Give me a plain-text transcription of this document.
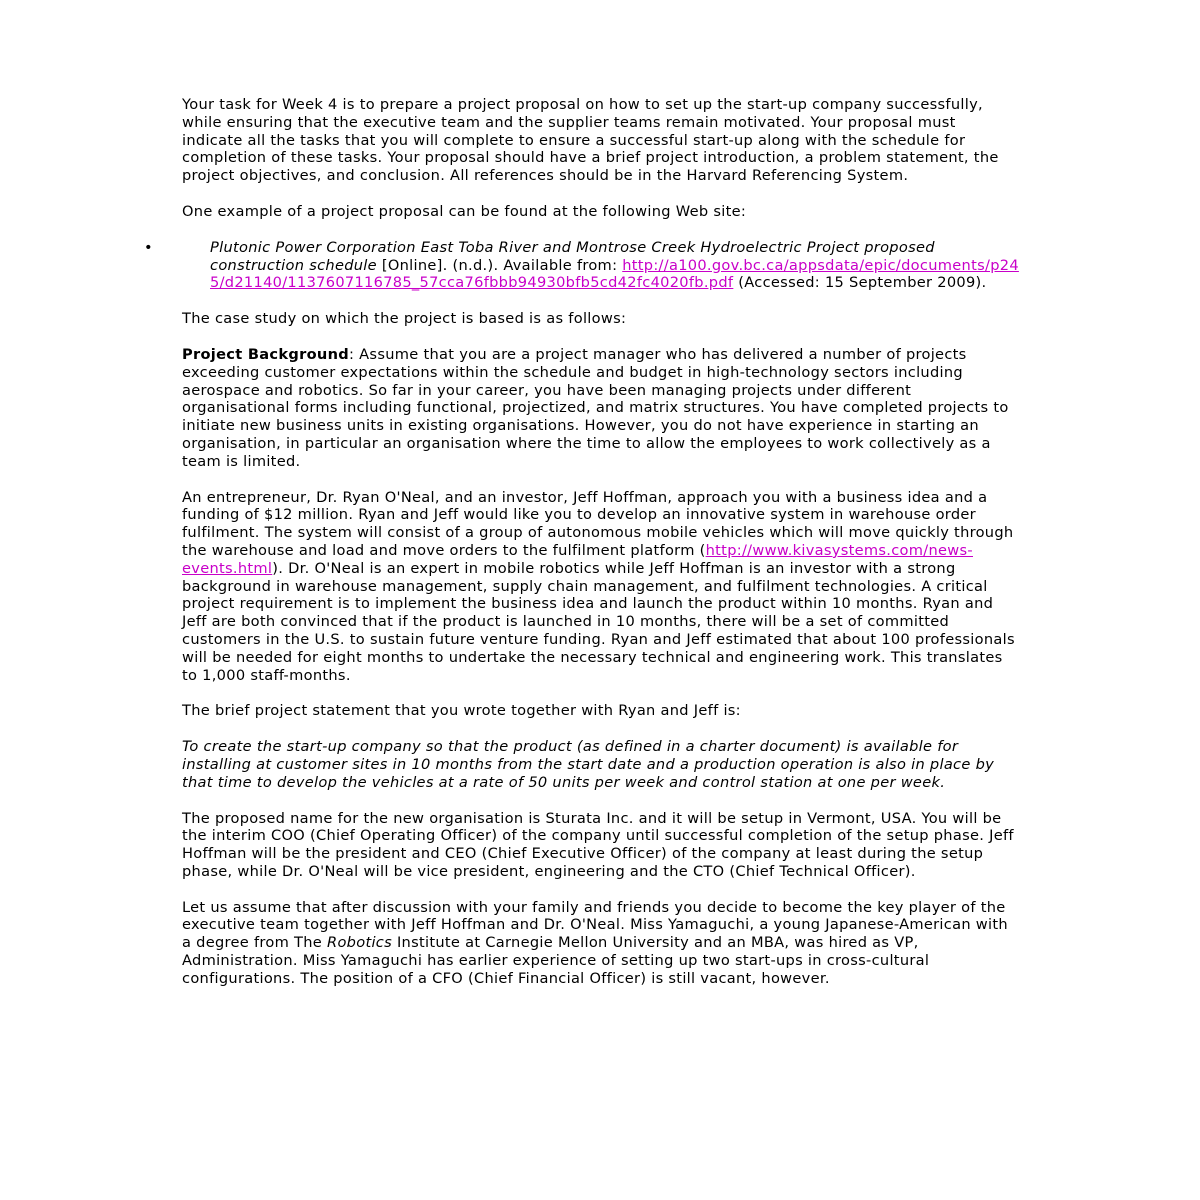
Your task for Week 4 is to prepare a project proposal on how to set up the start-up company successfully, while ensuring that the executive team and the supplier teams remain motivated. Your proposal must indicate all the tasks that you will complete to ensure a successful start-up along with the schedule for completion of these tasks. Your proposal should have a brief project introduction, a problem statement, the project objectives, and conclusion. All references should be in the Harvard Referencing System.

One example of a project proposal can be found at the following Web site:

•	Plutonic Power Corporation East Toba River and Montrose Creek Hydroelectric Project proposed construction schedule [Online]. (n.d.). Available from: http://a100.gov.bc.ca/appsdata/epic/documents/p245/d21140/1137607116785_57cca76fbbb94930bfb5cd42fc4020fb.pdf (Accessed: 15 September 2009).

The case study on which the project is based is as follows:

Project Background: Assume that you are a project manager who has delivered a number of projects exceeding customer expectations within the schedule and budget in high-technology sectors including aerospace and robotics. So far in your career, you have been managing projects under different organisational forms including functional, projectized, and matrix structures. You have completed projects to initiate new business units in existing organisations. However, you do not have experience in starting an organisation, in particular an organisation where the time to allow the employees to work collectively as a team is limited.

An entrepreneur, Dr. Ryan O'Neal, and an investor, Jeff Hoffman, approach you with a business idea and a funding of $12 million. Ryan and Jeff would like you to develop an innovative system in warehouse order fulfilment. The system will consist of a group of autonomous mobile vehicles which will move quickly through the warehouse and load and move orders to the fulfilment platform (http://www.kivasystems.com/news-events.html). Dr. O'Neal is an expert in mobile robotics while Jeff Hoffman is an investor with a strong background in warehouse management, supply chain management, and fulfilment technologies. A critical project requirement is to implement the business idea and launch the product within 10 months. Ryan and Jeff are both convinced that if the product is launched in 10 months, there will be a set of committed customers in the U.S. to sustain future venture funding. Ryan and Jeff estimated that about 100 professionals will be needed for eight months to undertake the necessary technical and engineering work. This translates to 1,000 staff-months.

The brief project statement that you wrote together with Ryan and Jeff is:

To create the start-up company so that the product (as defined in a charter document) is available for installing at customer sites in 10 months from the start date and a production operation is also in place by that time to develop the vehicles at a rate of 50 units per week and control station at one per week.

The proposed name for the new organisation is Sturata Inc. and it will be setup in Vermont, USA. You will be the interim COO (Chief Operating Officer) of the company until successful completion of the setup phase. Jeff Hoffman will be the president and CEO (Chief Executive Officer) of the company at least during the setup phase, while Dr. O'Neal will be vice president, engineering and the CTO (Chief Technical Officer).

Let us assume that after discussion with your family and friends you decide to become the key player of the executive team together with Jeff Hoffman and Dr. O'Neal. Miss Yamaguchi, a young Japanese-American with a degree from The Robotics Institute at Carnegie Mellon University and an MBA, was hired as VP, Administration. Miss Yamaguchi has earlier experience of setting up two start-ups in cross-cultural configurations. The position of a CFO (Chief Financial Officer) is still vacant, however.
